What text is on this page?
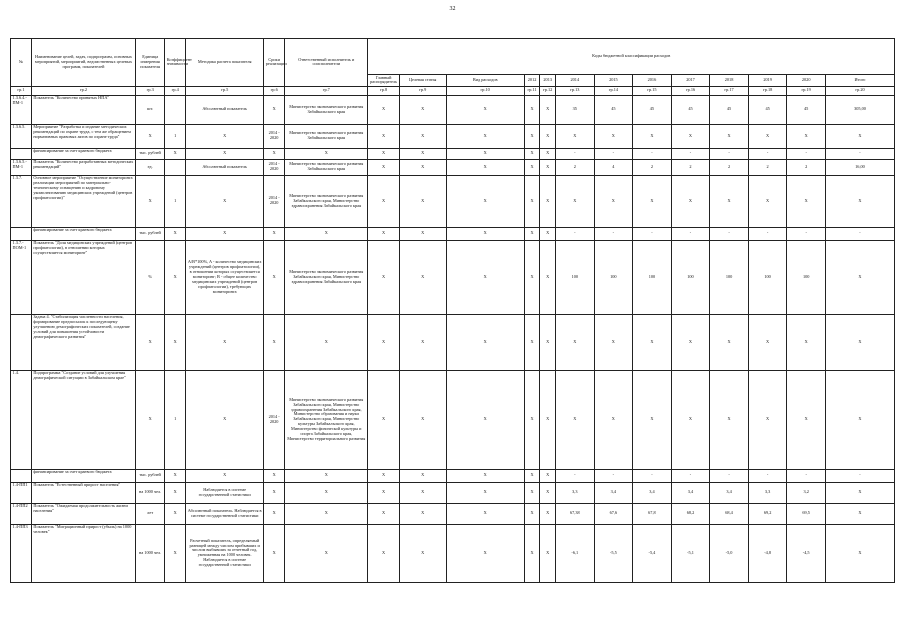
32
№	Наименование целей, задач, подпрограмм, основных мероприятий, мероприятий, ведомственных целевых программ, показателей	Единица измерения показателя	Коэффициент значимости	Методика расчета показателя	Сроки реализации	Ответственный исполнитель и соисполнители	Коды бюджетной классификации расходов												
							Главный распорядитель	Целевая статья	Вид расходов	2012	2013	2014	2015	2016	2017	2018	2019	2020	Итого
гр.1	гр.2	гр.3	гр.4	гр.5	гр.6	гр.7	гр.8	гр.9	гр.10	гр.11	гр.12	гр.13	гр.14	гр.15	гр.16	гр.17	гр.18	гр.19	гр.20
1.3.6.4.-ПМ-1	Показатель "Количество принятых НПА"	шт.		Абсолютный показатель	X	Министерство экономического развития Забайкальского края	X	X	X	X	X	35	45	45	45	45	45	45	305,00
1.3.6.5.	Мероприятие "Разработка и издание методических рекомендаций по охране труда, с тем же обращением нормативных правовых актов по охране труда"	X	1	X	2014 - 2020	Министерство экономического развития Забайкальского края	X	X	X	X	X	X	X	X	X	X	X	X	X
	финансирование за счет краевого бюджета	тыс. рублей	X	X	X	X	X	X	X	X	X	-	-	-	-	-	-	-	-
1.3.6.5.-ПМ-1	Показатель "Количество разработанных методических рекомендаций"	ед.		Абсолютный показатель	2014 - 2020	Министерство экономического развития Забайкальского края	X	X	X	X	X	2	4	2	2	2	2	2	16,00
1.3.7.	Основное мероприятие "Осуществление мониторинга реализации мероприятий по материально-техническому оснащению и кадровому укомплектованию медицинских учреждений (центров профпатологии)"	X	1	X	2014 - 2020	Министерство экономического развития Забайкальского края, Министерство здравоохранения Забайкальского края	X	X	X	X	X	X	X	X	X	X	X	X	X
	финансирование за счет краевого бюджета	тыс. рублей	X	X	X	X	X	X	X	X	X	-	-	-	-	-	-	-	-
1.3.7.-ПОМ-1	Показатель "Доля медицинских учреждений (центров профпатологии), в отношении которых осуществляется мониторинг"	%	X	A/B*100%, A - количество медицинских учреждений (центров профпатологии), в отношении которых осуществляется мониторинг; B - общее количество медицинских учреждений (центров профпатологии), требующих мониторинга	X	Министерство экономического развития Забайкальского края, Министерство здравоохранения Забайкальского края	X	X	X	X	X	100	100	100	100	100	100	100	X
	Задача 4. "Стабилизация численности населения, формирование предпосылок к последующему улучшению демографических показателей, создание условий для повышения устойчивости демографического развития"	X	X	X	X	X	X	X	X	X	X	X	X	X	X	X	X	X	X
1.4.	Подпрограмма "Создание условий для улучшения демографической ситуации в Забайкальском крае"	X	1	X	2014 - 2020	Министерство экономического развития Забайкальского края, Министерство здравоохранения Забайкальского края, Министерство образования и науки Забайкальского края, Министерство культуры Забайкальского края, Министерство физической культуры и спорта Забайкальского края, Министерство территориального развития	X	X	X	X	X	X	X	X	X	X	X	X	X
	финансирование за счет краевого бюджета	тыс. рублей	X	X	X	X	X	X	X	X	X	-	-	-	-	-	-	-	-
1.4-ПП1	Показатель "Естественный прирост населения"	на 1000 чел.	X	Наблюдается в системе государственной статистики	X	X	X	X	X	X	X	3,3	3,4	3,4	3,4	3,4	3,3	3,2	X
1.4-ПП2	Показатель "Ожидаемая продолжительность жизни населения"	лет	X	Абсолютный показатель. Наблюдается в системе государственной статистики	X	X	X	X	X	X	X	67,38	67,6	67,8	68,2	68,4	69,2	69,5	X
1.4-ПП3	Показатель "Миграционный прирост (убыль) на 1000 человек"	на 1000 чел.	X	Расчетный показатель, определяемый разницей между числом прибывших и числом выбывших за отчетный год, умноженная на 1000 человек. Наблюдается в системе государственной статистики	X	X	X	X	X	X	X	-6,1	-5,5	-5,4	-5,1	-5,0	-4,8	-4,5	X
